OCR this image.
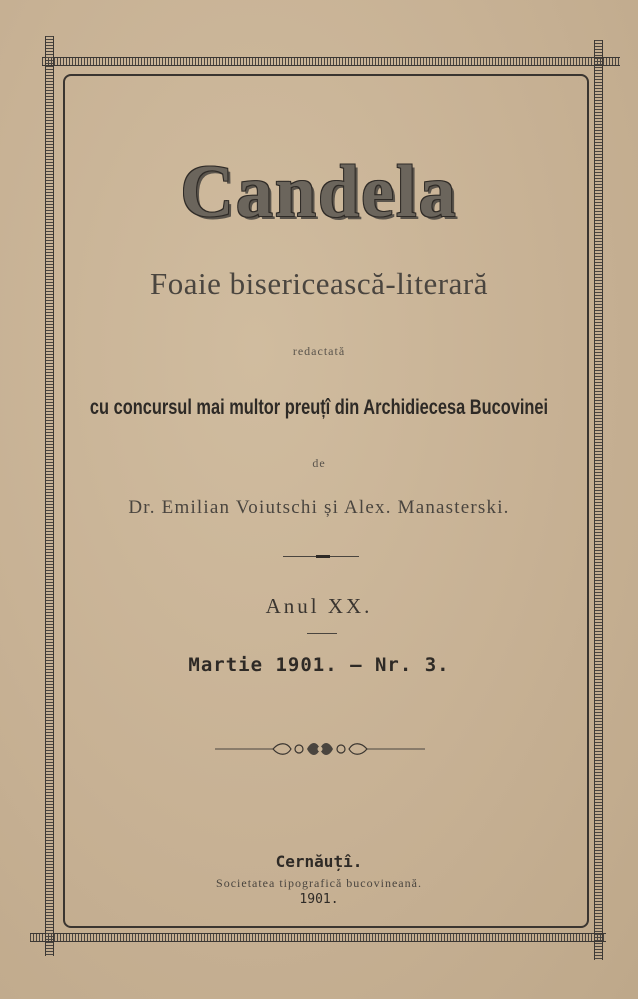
Candela
Foaie bisericească-literară
redactată
cu concursul mai multor preuțî din Archidiecesa Bucovinei
de
Dr. Emilian Voiutschi și Alex. Manasterski.
Anul XX.
Martie 1901. — Nr. 3.
Cernăuțî.
Societatea tipografică bucovineană.
1901.
